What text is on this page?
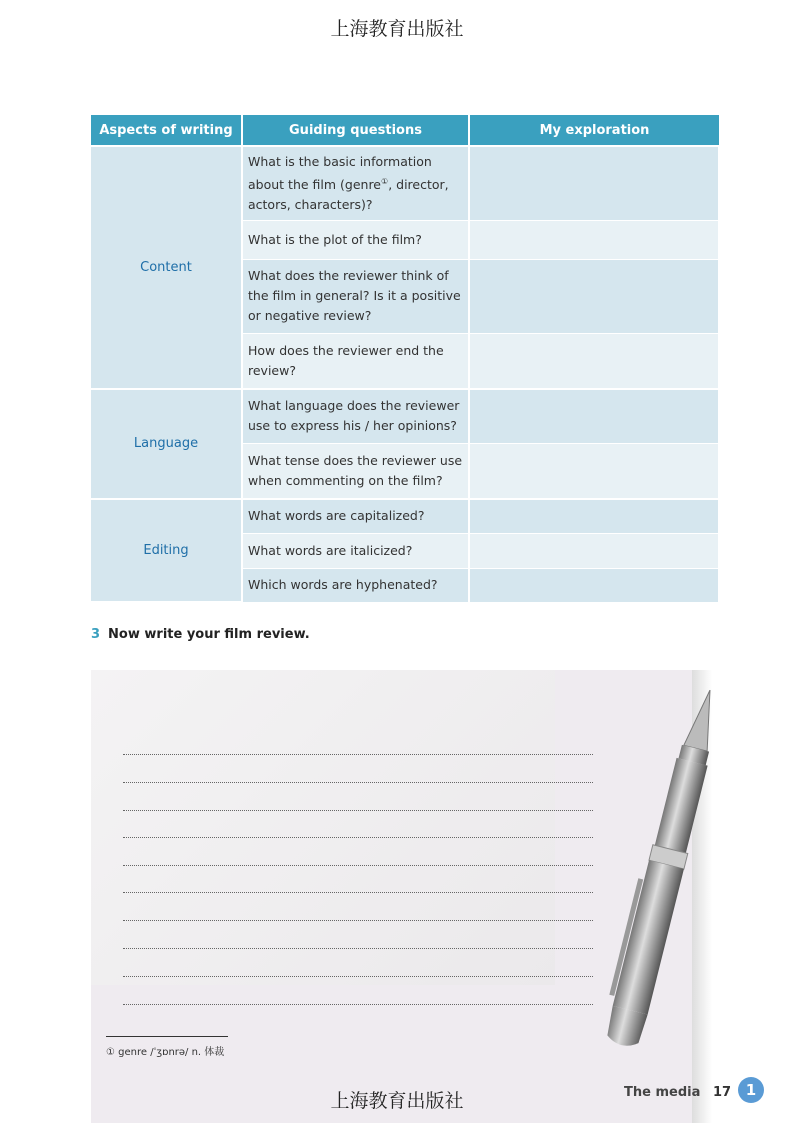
上海教育出版社
Aspects of writing	Guiding questions	My exploration
Content	What is the basic information about the film (genre①, director, actors, characters)?	
	What is the plot of the film?	
	What does the reviewer think of the film in general? Is it a positive or negative review?	
	How does the reviewer end the review?	
Language	What language does the reviewer use to express his / her opinions?	
	What tense does the reviewer use when commenting on the film?	
Editing	What words are capitalized?	
	What words are italicized?	
	Which words are hyphenated?	
3 Now write your film review.
① genre /ˈʒɒnrə/ n. 体裁
上海教育出版社	The media 17 1
